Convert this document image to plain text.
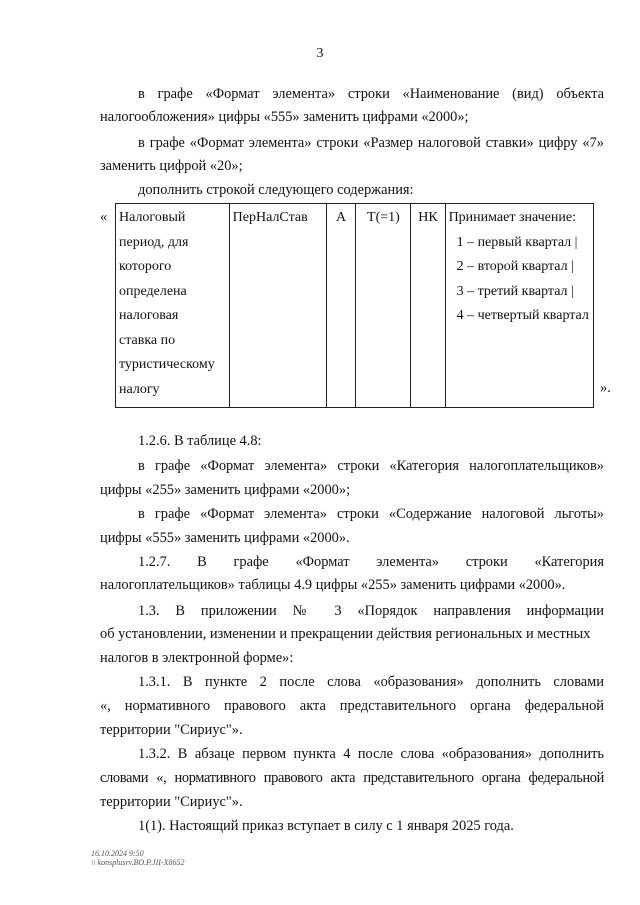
3
в графе «Формат элемента» строки «Наименование (вид) объекта
налогообложения» цифры «555» заменить цифрами «2000»;
в графе «Формат элемента» строки «Размер налоговой ставки» цифру «7»
заменить цифрой «20»;
дополнить строкой следующего содержания:
« Налоговый
период, для
которого
определена
налоговая
ставка по
туристическому
налогу
	ПерНалСтав	А	Т(=1)	НК	Принимает значение:
1 – первый квартал |
2 – второй квартал |
3 – третий квартал |
4 – четвертый квартал
».
1.2.6. В таблице 4.8:
в графе «Формат элемента» строки «Категория налогоплательщиков»
цифры «255» заменить цифрами «2000»;
в графе «Формат элемента» строки «Содержание налоговой льготы»
цифры «555» заменить цифрами «2000».
1.2.7. В графе «Формат элемента» строки «Категория
налогоплательщиков» таблицы 4.9 цифры «255» заменить цифрами «2000».
1.3. В приложении № 3 «Порядок направления информации
об установлении, изменении и прекращении действия региональных и местных
налогов в электронной форме»:
1.3.1. В пункте 2 после слова «образования» дополнить словами
«, нормативного правового акта представительного органа федеральной
территории "Сириус"».
1.3.2. В абзаце первом пункта 4 после слова «образования» дополнить
словами «, нормативного правового акта представительного органа федеральной
территории "Сириус"».
1(1). Настоящий приказ вступает в силу с 1 января 2025 года.
16.10.2024 9:50
\\ konsplusrv.BO.P.JII-X8652
